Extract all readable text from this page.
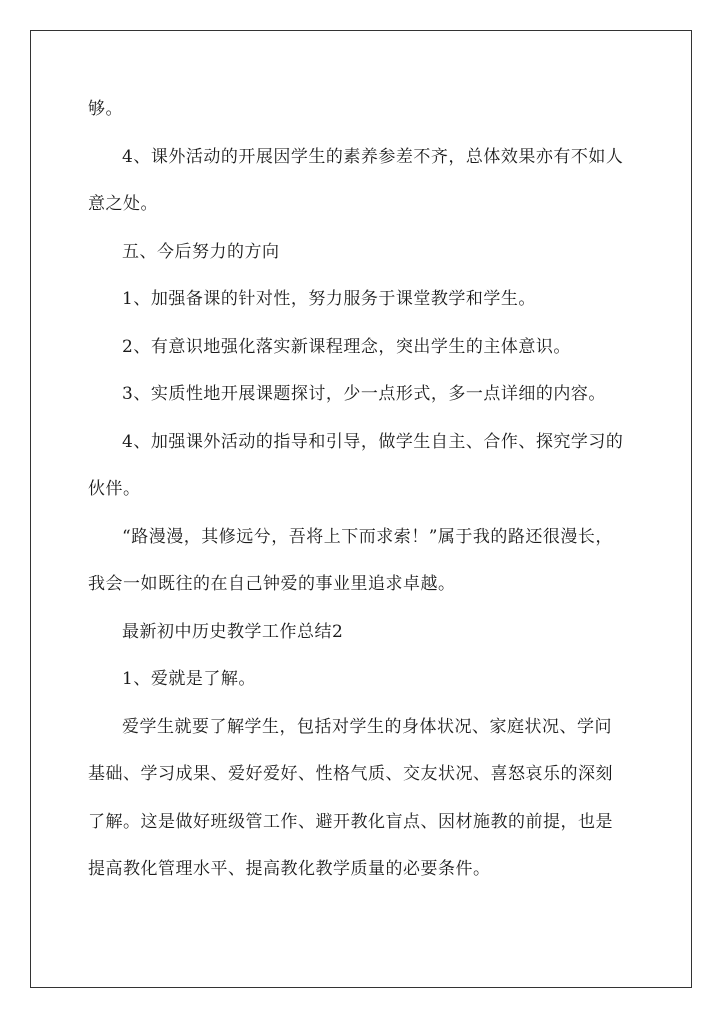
够。
4、课外活动的开展因学生的素养参差不齐，总体效果亦有不如人
意之处。
五、今后努力的方向
1、加强备课的针对性，努力服务于课堂教学和学生。
2、有意识地强化落实新课程理念，突出学生的主体意识。
3、实质性地开展课题探讨，少一点形式，多一点详细的内容。
4、加强课外活动的指导和引导，做学生自主、合作、探究学习的
伙伴。
“路漫漫，其修远兮，吾将上下而求索！”属于我的路还很漫长，
我会一如既往的在自己钟爱的事业里追求卓越。
最新初中历史教学工作总结2
1、爱就是了解。
爱学生就要了解学生，包括对学生的身体状况、家庭状况、学问
基础、学习成果、爱好爱好、性格气质、交友状况、喜怒哀乐的深刻
了解。这是做好班级管工作、避开教化盲点、因材施教的前提，也是
提高教化管理水平、提高教化教学质量的必要条件。
